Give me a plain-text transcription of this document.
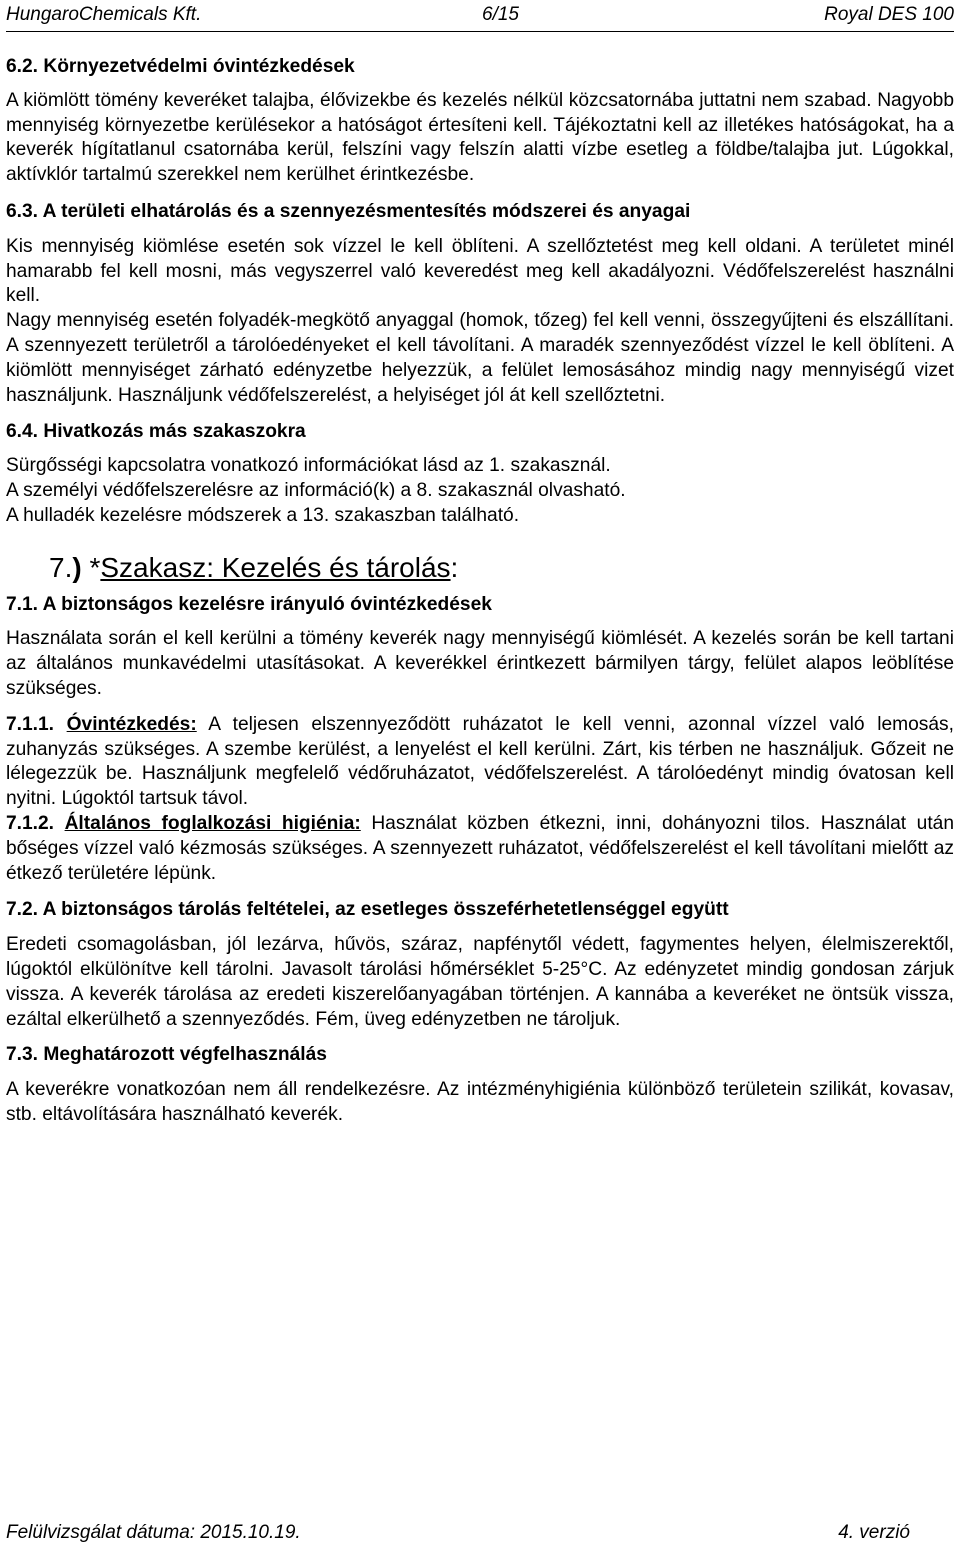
HungaroChemicals Kft.	6/15	Royal DES 100

6.2. Környezetvédelmi óvintézkedések

A kiömlött tömény keveréket talajba, élővizekbe és kezelés nélkül közcsatornába juttatni nem szabad. Nagyobb mennyiség környezetbe kerülésekor a hatóságot értesíteni kell. Tájékoztatni kell az illetékes hatóságokat, ha a keverék hígítatlanul csatornába kerül, felszíni vagy felszín alatti vízbe esetleg a földbe/talajba jut. Lúgokkal, aktívklór tartalmú szerekkel nem kerülhet érintkezésbe.

6.3. A területi elhatárolás és a szennyezésmentesítés módszerei és anyagai

Kis mennyiség kiömlése esetén sok vízzel le kell öblíteni. A szellőztetést meg kell oldani. A területet minél hamarabb fel kell mosni, más vegyszerrel való keveredést meg kell akadályozni. Védőfelszerelést használni kell.

Nagy mennyiség esetén folyadék-megkötő anyaggal (homok, tőzeg) fel kell venni, összegyűjteni és elszállítani. A szennyezett területről a tárolóedényeket el kell távolítani. A maradék szennyeződést vízzel le kell öblíteni. A kiömlött mennyiséget zárható edényzetbe helyezzük, a felület lemosásához mindig nagy mennyiségű vizet használjunk. Használjunk védőfelszerelést, a helyiséget jól át kell szellőztetni.

6.4. Hivatkozás más szakaszokra

Sürgősségi kapcsolatra vonatkozó információkat lásd az 1. szakasznál.

A személyi védőfelszerelésre az információ(k) a 8. szakasznál olvasható.

A hulladék kezelésre módszerek a 13. szakaszban található.

7.) *Szakasz: Kezelés és tárolás:

7.1. A biztonságos kezelésre irányuló óvintézkedések

Használata során el kell kerülni a tömény keverék nagy mennyiségű kiömlését. A kezelés során be kell tartani az általános munkavédelmi utasításokat. A keverékkel érintkezett bármilyen tárgy, felület alapos leöblítése szükséges.

7.1.1. Óvintézkedés: A teljesen elszennyeződött ruházatot le kell venni, azonnal vízzel való lemosás, zuhanyzás szükséges. A szembe kerülést, a lenyelést el kell kerülni. Zárt, kis térben ne használjuk. Gőzeit ne lélegezzük be. Használjunk megfelelő védőruházatot, védőfelszerelést. A tárolóedényt mindig óvatosan kell nyitni. Lúgoktól tartsuk távol.

7.1.2. Általános foglalkozási higiénia: Használat közben étkezni, inni, dohányozni tilos. Használat után bőséges vízzel való kézmosás szükséges. A szennyezett ruházatot, védőfelszerelést el kell távolítani mielőtt az étkező területére lépünk.

7.2. A biztonságos tárolás feltételei, az esetleges összeférhetetlenséggel együtt

Eredeti csomagolásban, jól lezárva, hűvös, száraz, napfénytől védett, fagymentes helyen, élelmiszerektől, lúgoktól elkülönítve kell tárolni. Javasolt tárolási hőmérséklet 5-25°C. Az edényzetet mindig gondosan zárjuk vissza. A keverék tárolása az eredeti kiszerelőanyagában történjen. A kannába a keveréket ne öntsük vissza, ezáltal elkerülhető a szennyeződés. Fém, üveg edényzetben ne tároljuk.

7.3. Meghatározott végfelhasználás

A keverékre vonatkozóan nem áll rendelkezésre. Az intézményhigiénia különböző területein szilikát, kovasav, stb. eltávolítására használható keverék.

Felülvizsgálat dátuma: 2015.10.19.	4. verzió
